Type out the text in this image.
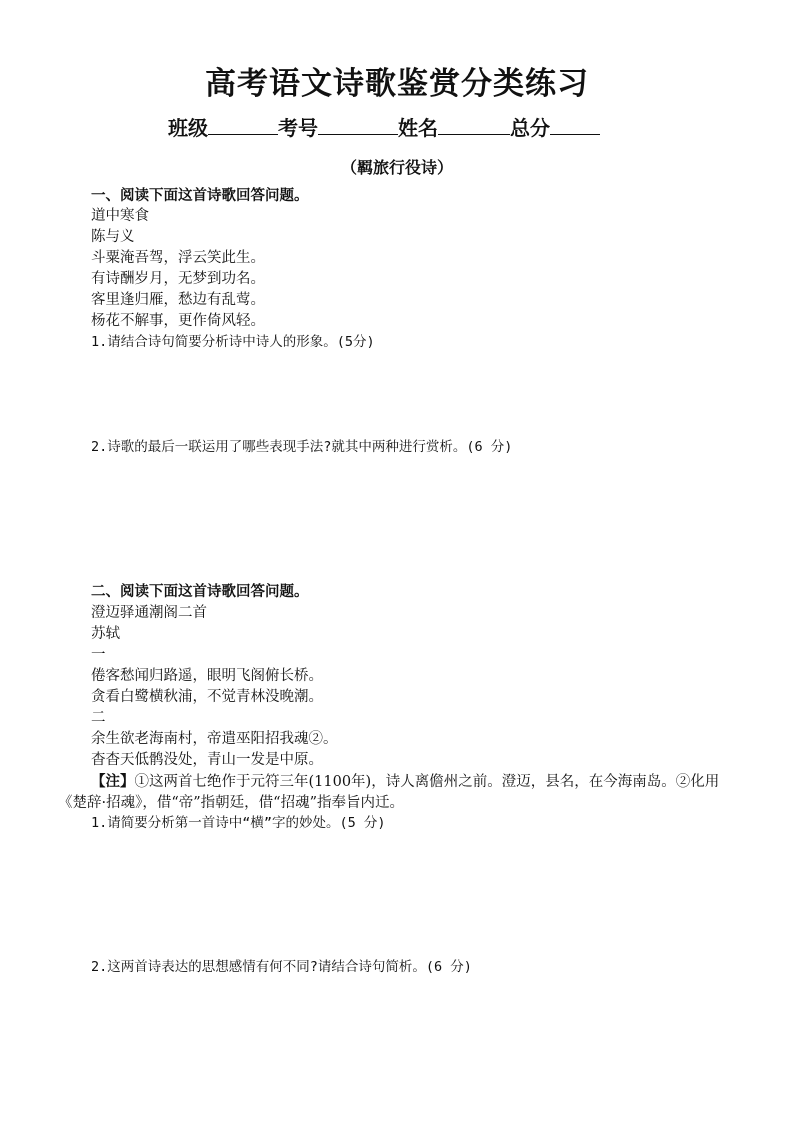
高考语文诗歌鉴赏分类练习
班级	考号	姓名	总分
（羁旅行役诗）
一、阅读下面这首诗歌回答问题。
道中寒食
陈与义
斗粟淹吾驾，浮云笑此生。
有诗酬岁月，无梦到功名。
客里逢归雁，愁边有乱莺。
杨花不解事，更作倚风轻。
1.请结合诗句简要分析诗中诗人的形象。(5分)
2.诗歌的最后一联运用了哪些表现手法?就其中两种进行赏析。(6 分)
二、阅读下面这首诗歌回答问题。
澄迈驿通潮阁二首
苏轼
一
倦客愁闻归路遥，眼明飞阁俯长桥。
贪看白鹭横秋浦，不觉青林没晚潮。
二
余生欲老海南村，帝遣巫阳招我魂②。
杳杳天低鹘没处，青山一发是中原。
【注】①这两首七绝作于元符三年(1100年)，诗人离儋州之前。澄迈，县名，在今海南岛。②化用《楚辞·招魂》，借“帝”指朝廷，借“招魂”指奉旨内迁。
1.请简要分析第一首诗中“横”字的妙处。(5 分)
2.这两首诗表达的思想感情有何不同?请结合诗句简析。(6 分)
